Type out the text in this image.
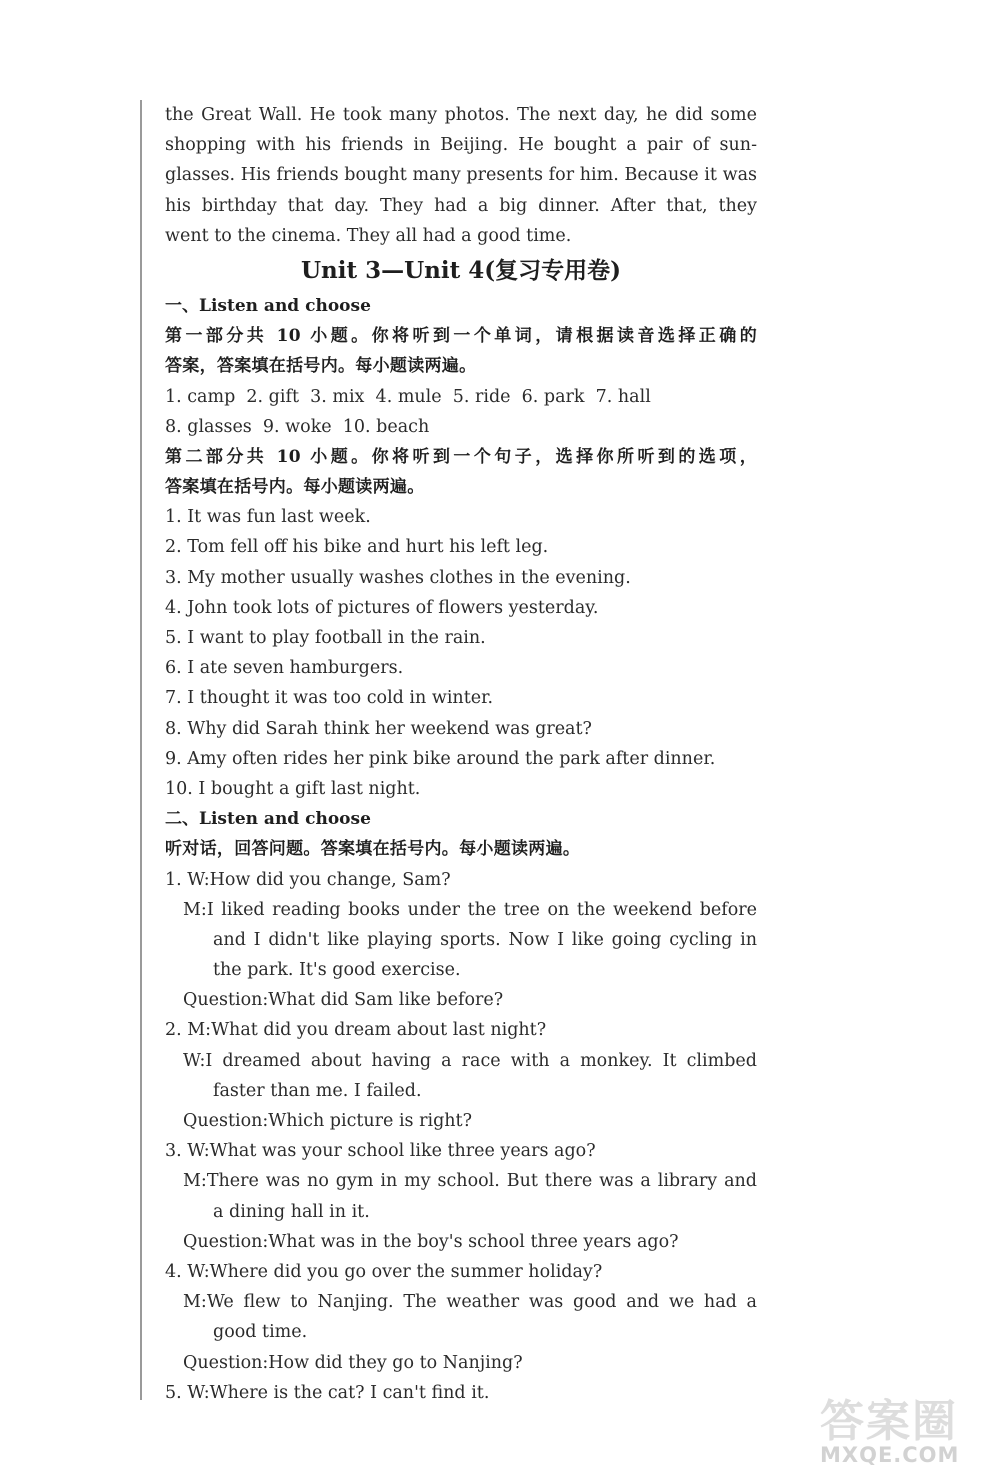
the Great Wall. He took many photos. The next day, he did some
shopping with his friends in Beijing. He bought a pair of sun-
glasses. His friends bought many presents for him. Because it was
his birthday that day. They had a big dinner. After that, they
went to the cinema. They all had a good time.
Unit 3—Unit 4(复习专用卷)
一、Listen and choose
第一部分共 10 小题。你将听到一个单词，请根据读音选择正确的
答案，答案填在括号内。每小题读两遍。
1. camp  2. gift  3. mix  4. mule  5. ride  6. park  7. hall
8. glasses  9. woke  10. beach
第二部分共 10 小题。你将听到一个句子，选择你所听到的选项，
答案填在括号内。每小题读两遍。
1. It was fun last week.
2. Tom fell off his bike and hurt his left leg.
3. My mother usually washes clothes in the evening.
4. John took lots of pictures of flowers yesterday.
5. I want to play football in the rain.
6. I ate seven hamburgers.
7. I thought it was too cold in winter.
8. Why did Sarah think her weekend was great?
9. Amy often rides her pink bike around the park after dinner.
10. I bought a gift last night.
二、Listen and choose
听对话，回答问题。答案填在括号内。每小题读两遍。
1. W:How did you change, Sam?
M:I liked reading books under the tree on the weekend before
and I didn't like playing sports. Now I like going cycling in
the park. It's good exercise.
Question:What did Sam like before?
2. M:What did you dream about last night?
W:I dreamed about having a race with a monkey. It climbed
faster than me. I failed.
Question:Which picture is right?
3. W:What was your school like three years ago?
M:There was no gym in my school. But there was a library and
a dining hall in it.
Question:What was in the boy's school three years ago?
4. W:Where did you go over the summer holiday?
M:We flew to Nanjing. The weather was good and we had a
good time.
Question:How did they go to Nanjing?
5. W:Where is the cat? I can't find it.
答案圈
MXQE.COM
